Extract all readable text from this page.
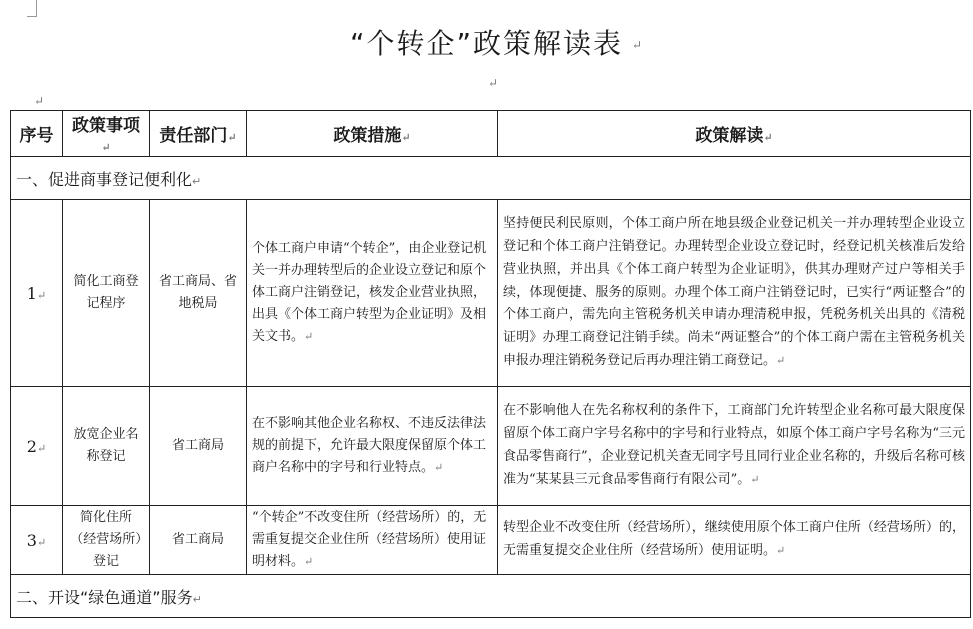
“个转企”政策解读表 ↵
↵
↵
序号	政策事项↵	责任部门↵	政策措施↵	政策解读↵
一、促进商事登记便利化↵				
1↵	简化工商登记程序	省工商局、省地税局	个体工商户申请“个转企”，由企业登记机关一并办理转型后的企业设立登记和原个体工商户注销登记，核发企业营业执照，出具《个体工商户转型为企业证明》及相关文书。↵	坚持便民利民原则，个体工商户所在地县级企业登记机关一并办理转型企业设立登记和个体工商户注销登记。办理转型企业设立登记时，经登记机关核准后发给营业执照，并出具《个体工商户转型为企业证明》，供其办理财产过户等相关手续，体现便捷、服务的原则。办理个体工商户注销登记时，已实行“两证整合”的个体工商户，需先向主管税务机关申请办理清税申报，凭税务机关出具的《清税证明》办理工商登记注销手续。尚未“两证整合”的个体工商户需在主管税务机关申报办理注销税务登记后再办理注销工商登记。↵
2↵	放宽企业名称登记	省工商局	在不影响其他企业名称权、不违反法律法规的前提下，允许最大限度保留原个体工商户名称中的字号和行业特点。↵	在不影响他人在先名称权利的条件下，工商部门允许转型企业名称可最大限度保留原个体工商户字号名称中的字号和行业特点，如原个体工商户字号名称为“三元食品零售商行”，企业登记机关查无同字号且同行业企业名称的，升级后名称可核准为“某某县三元食品零售商行有限公司”。↵
3↵	简化住所（经营场所）登记	省工商局	“个转企”不改变住所（经营场所）的，无需重复提交企业住所（经营场所）使用证明材料。↵	转型企业不改变住所（经营场所），继续使用原个体工商户住所（经营场所）的，无需重复提交企业住所（经营场所）使用证明。↵
二、开设“绿色通道”服务↵				
